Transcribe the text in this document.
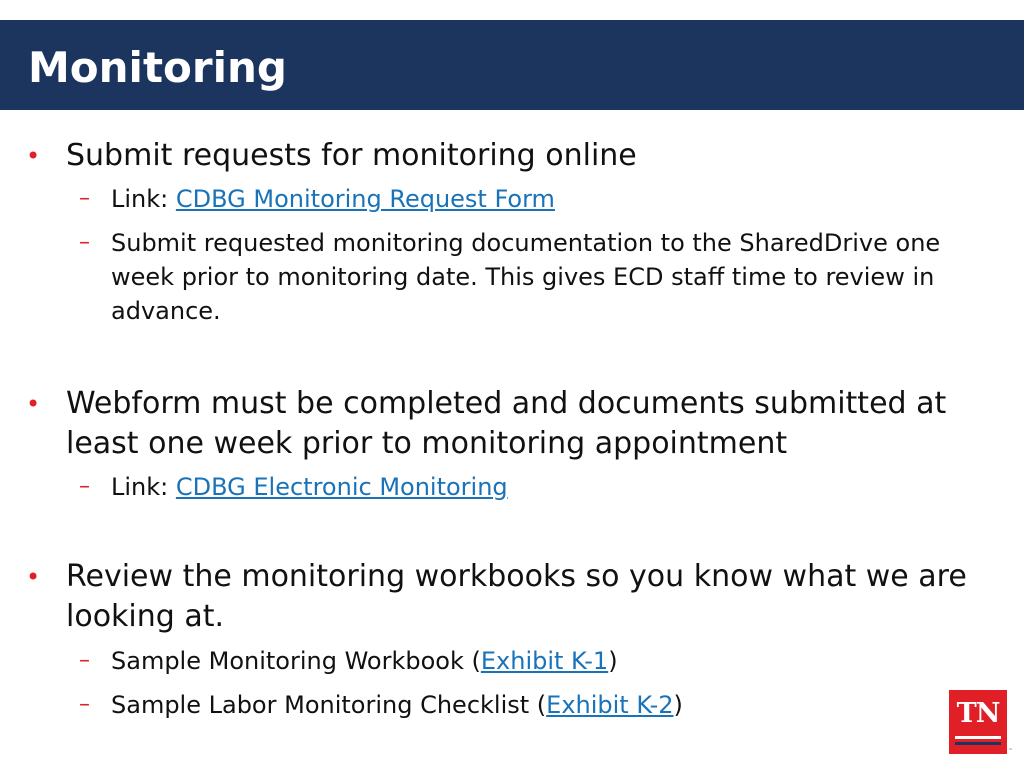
Monitoring
• Submit requests for monitoring online
– Link: CDBG Monitoring Request Form
– Submit requested monitoring documentation to the SharedDrive one week prior to monitoring date. This gives ECD staff time to review in advance.
• Webform must be completed and documents submitted at least one week prior to monitoring appointment
– Link: CDBG Electronic Monitoring
• Review the monitoring workbooks so you know what we are looking at.
– Sample Monitoring Workbook (Exhibit K-1)
– Sample Labor Monitoring Checklist (Exhibit K-2)	TN
™
